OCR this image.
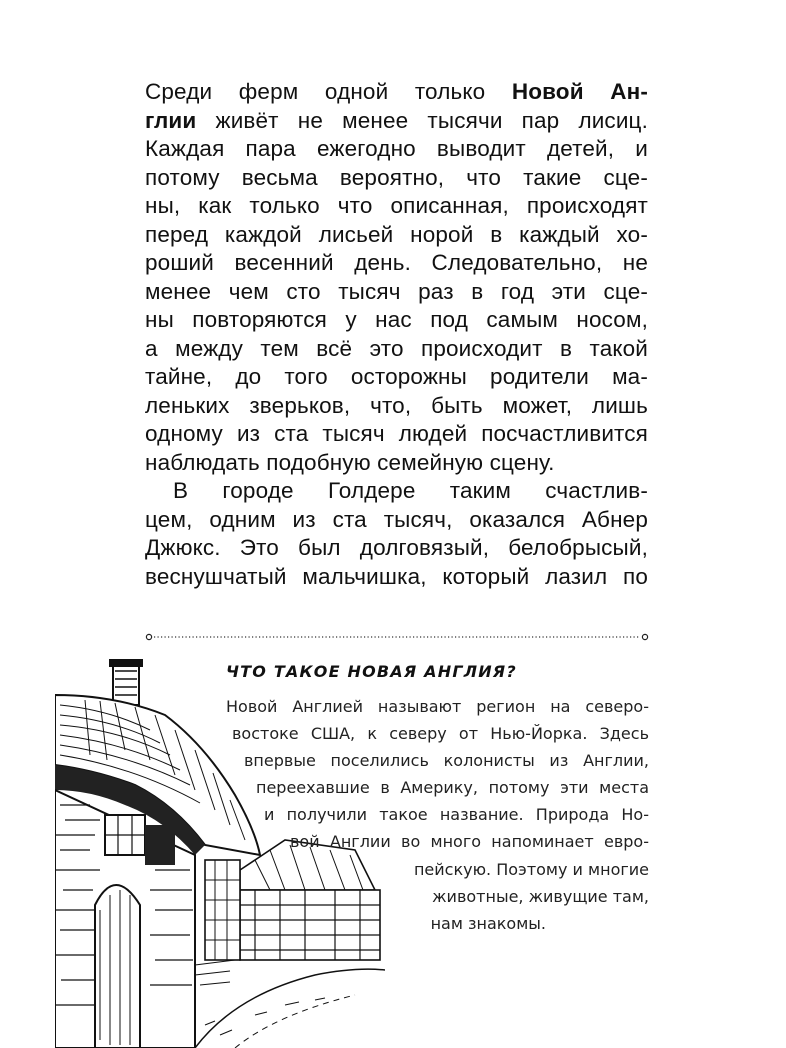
Среди ферм одной только Новой Ан-
глии живёт не менее тысячи пар лисиц.
Каждая пара ежегодно выводит детей, и
потому весьма вероятно, что такие сце-
ны, как только что описанная, происходят
перед каждой лисьей норой в каждый хо-
роший весенний день. Следовательно, не
менее чем сто тысяч раз в год эти сце-
ны повторяются у нас под самым носом,
а между тем всё это происходит в такой
тайне, до того осторожны родители ма-
леньких зверьков, что, быть может, лишь
одному из ста тысяч людей посчастливится
наблюдать подобную семейную сцену.
В городе Голдере таким счастлив-
цем, одним из ста тысяч, оказался Абнер
Джюкс. Это был долговязый, белобрысый,
веснушчатый мальчишка, который лазил по
ЧТО ТАКОЕ НОВАЯ АНГЛИЯ?
Новой Англией называют регион на северо-
востоке США, к северу от Нью-Йорка. Здесь
впервые поселились колонисты из Англии,
переехавшие в Америку, потому эти места
и получили такое название. Природа Но-
вой Англии во много напоминает евро-
пейскую. Поэтому и многие
животные, живущие там,
нам знакомы.
